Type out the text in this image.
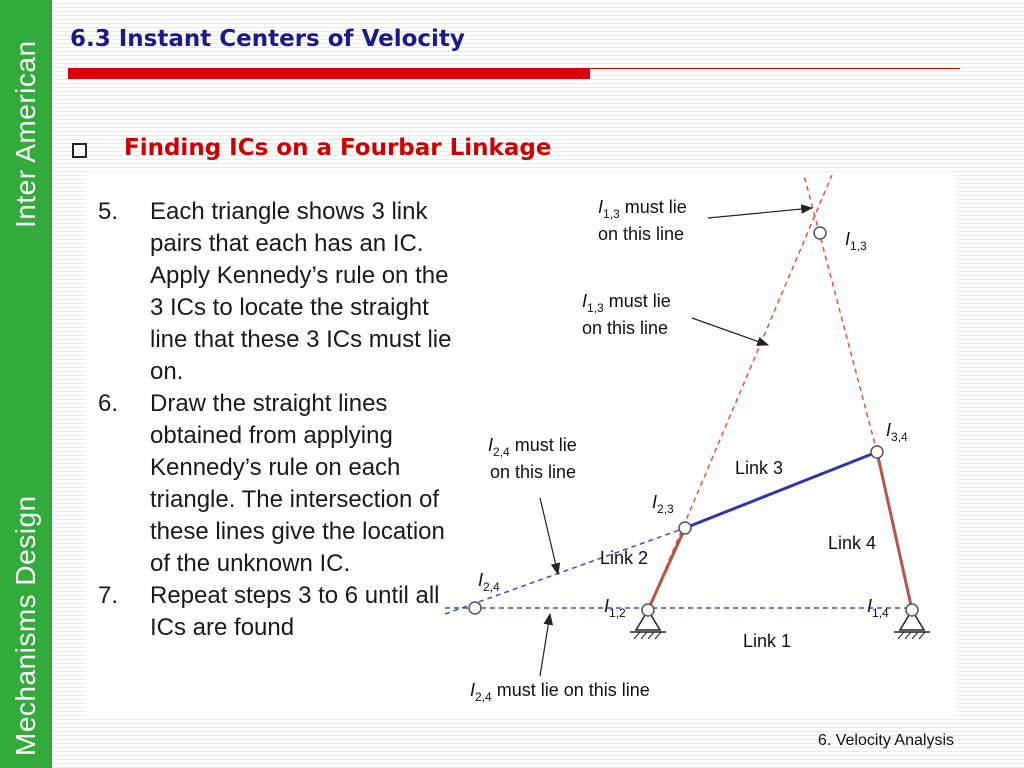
Inter American
Mechanisms Design
6.3 Instant Centers of Velocity
Finding ICs on a Fourbar Linkage
5.	Each triangle shows 3 link pairs that each has an IC. Apply Kennedy’s rule on the 3 ICs to locate the straight line that these 3 ICs must lie on.
6.	Draw the straight lines obtained from applying Kennedy’s rule on each triangle. The intersection of these lines give the location of the unknown IC.
7.	Repeat steps 3 to 6 until all ICs are found
$I_{1,3}$
$I_{3,4}$
$I_{2,3}$
$I_{2,4}$
$I_{1,2}$	$I_{1,4}$
Link 1
Link 2
Link 3
Link 4
$I_{1,3}$ must lie
on this line
$I_{1,3}$ must lie
on this line
$I_{2,4}$ must lie
on this line
$I_{2,4}$ must lie on this line
6. Velocity Analysis
